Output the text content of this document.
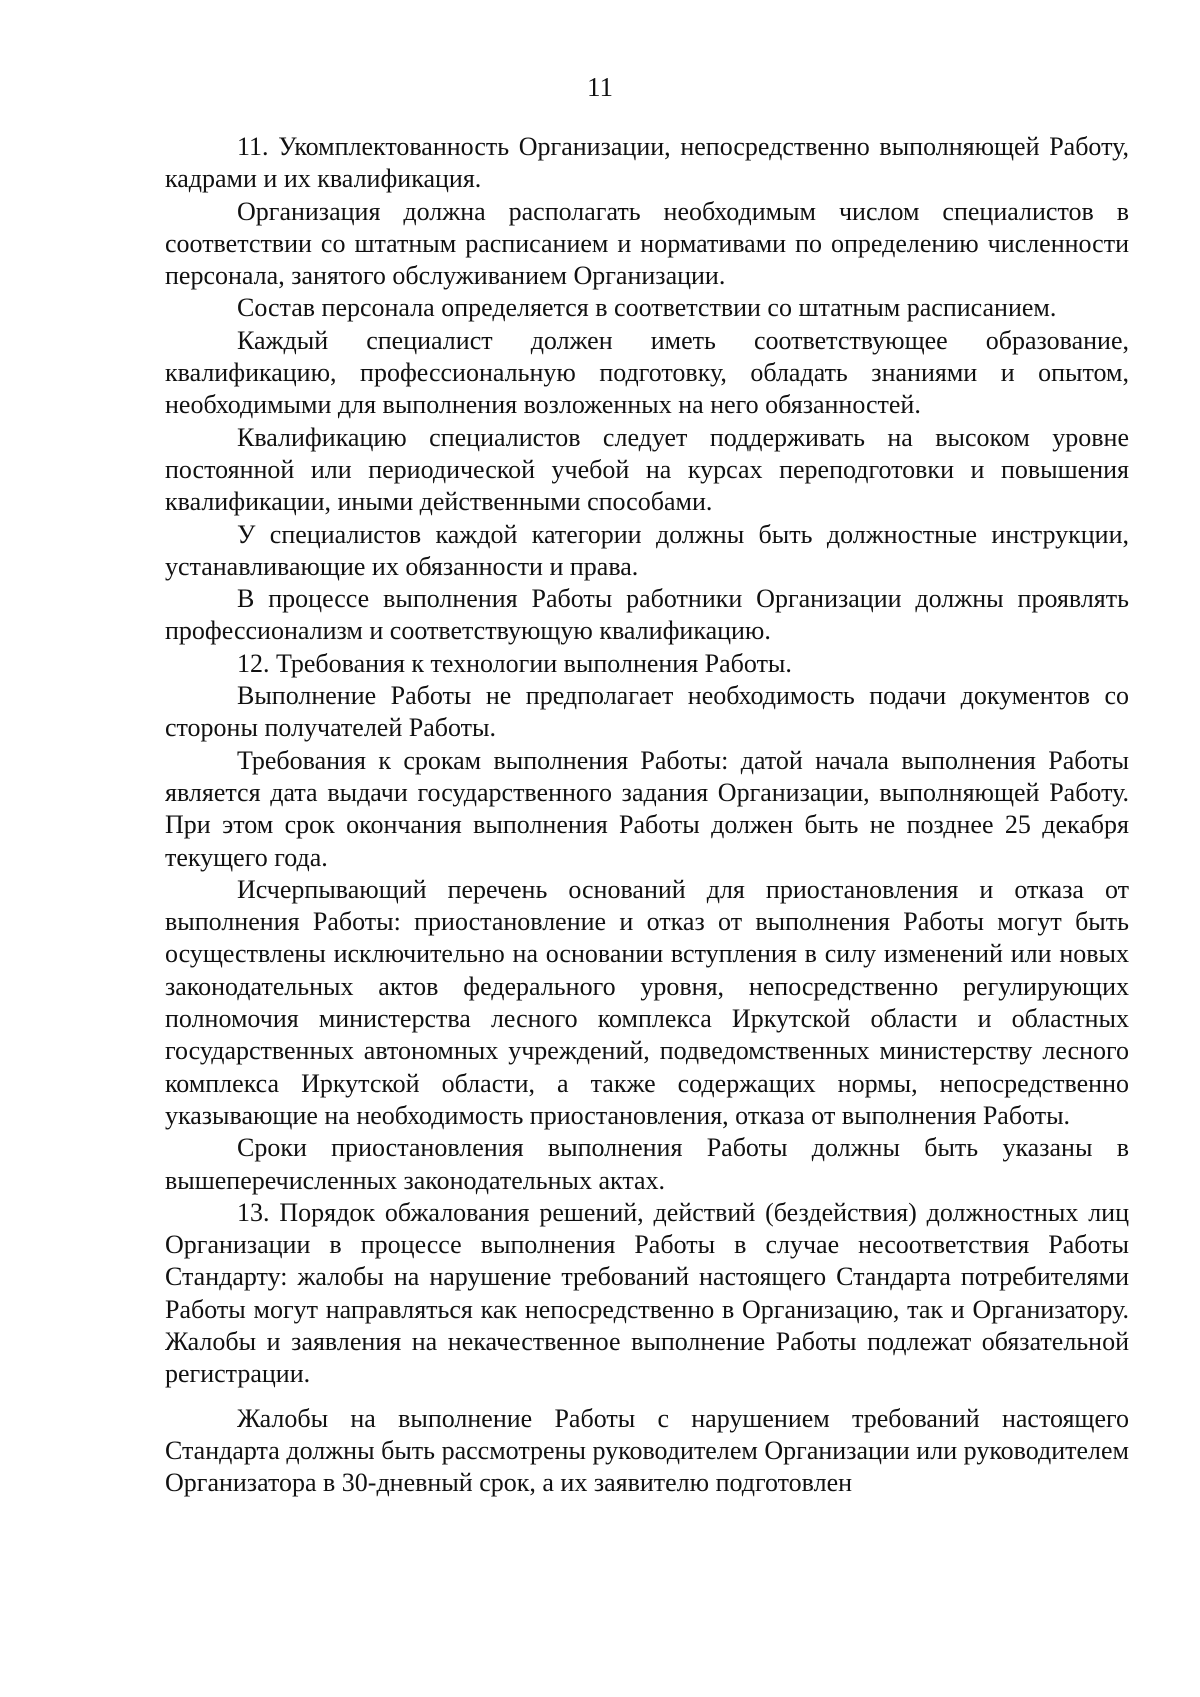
11

11. Укомплектованность Организации, непосредственно выполняющей Работу, кадрами и их квалификация.

Организация должна располагать необходимым числом специалистов в соответствии со штатным расписанием и нормативами по определению численности персонала, занятого обслуживанием Организации.

Состав персонала определяется в соответствии со штатным расписанием.

Каждый специалист должен иметь соответствующее образование, квалификацию, профессиональную подготовку, обладать знаниями и опытом, необходимыми для выполнения возложенных на него обязанностей.

Квалификацию специалистов следует поддерживать на высоком уровне постоянной или периодической учебой на курсах переподготовки и повышения квалификации, иными действенными способами.

У специалистов каждой категории должны быть должностные инструкции, устанавливающие их обязанности и права.

В процессе выполнения Работы работники Организации должны проявлять профессионализм и соответствующую квалификацию.

12. Требования к технологии выполнения Работы.

Выполнение Работы не предполагает необходимость подачи документов со стороны получателей Работы.

Требования к срокам выполнения Работы: датой начала выполнения Работы является дата выдачи государственного задания Организации, выполняющей Работу. При этом срок окончания выполнения Работы должен быть не позднее 25 декабря текущего года.

Исчерпывающий перечень оснований для приостановления и отказа от выполнения Работы: приостановление и отказ от выполнения Работы могут быть осуществлены исключительно на основании вступления в силу изменений или новых законодательных актов федерального уровня, непосредственно регулирующих полномочия министерства лесного комплекса Иркутской области и областных государственных автономных учреждений, подведомственных министерству лесного комплекса Иркутской области, а также содержащих нормы, непосредственно указывающие на необходимость приостановления, отказа от выполнения Работы.

Сроки приостановления выполнения Работы должны быть указаны в вышеперечисленных законодательных актах.

13. Порядок обжалования решений, действий (бездействия) должностных лиц Организации в процессе выполнения Работы в случае несоответствия Работы Стандарту: жалобы на нарушение требований настоящего Стандарта потребителями Работы могут направляться как непосредственно в Организацию, так и Организатору. Жалобы и заявления на некачественное выполнение Работы подлежат обязательной регистрации.

Жалобы на выполнение Работы с нарушением требований настоящего Стандарта должны быть рассмотрены руководителем Организации или руководителем Организатора в 30-дневный срок, а их заявителю подготовлен
